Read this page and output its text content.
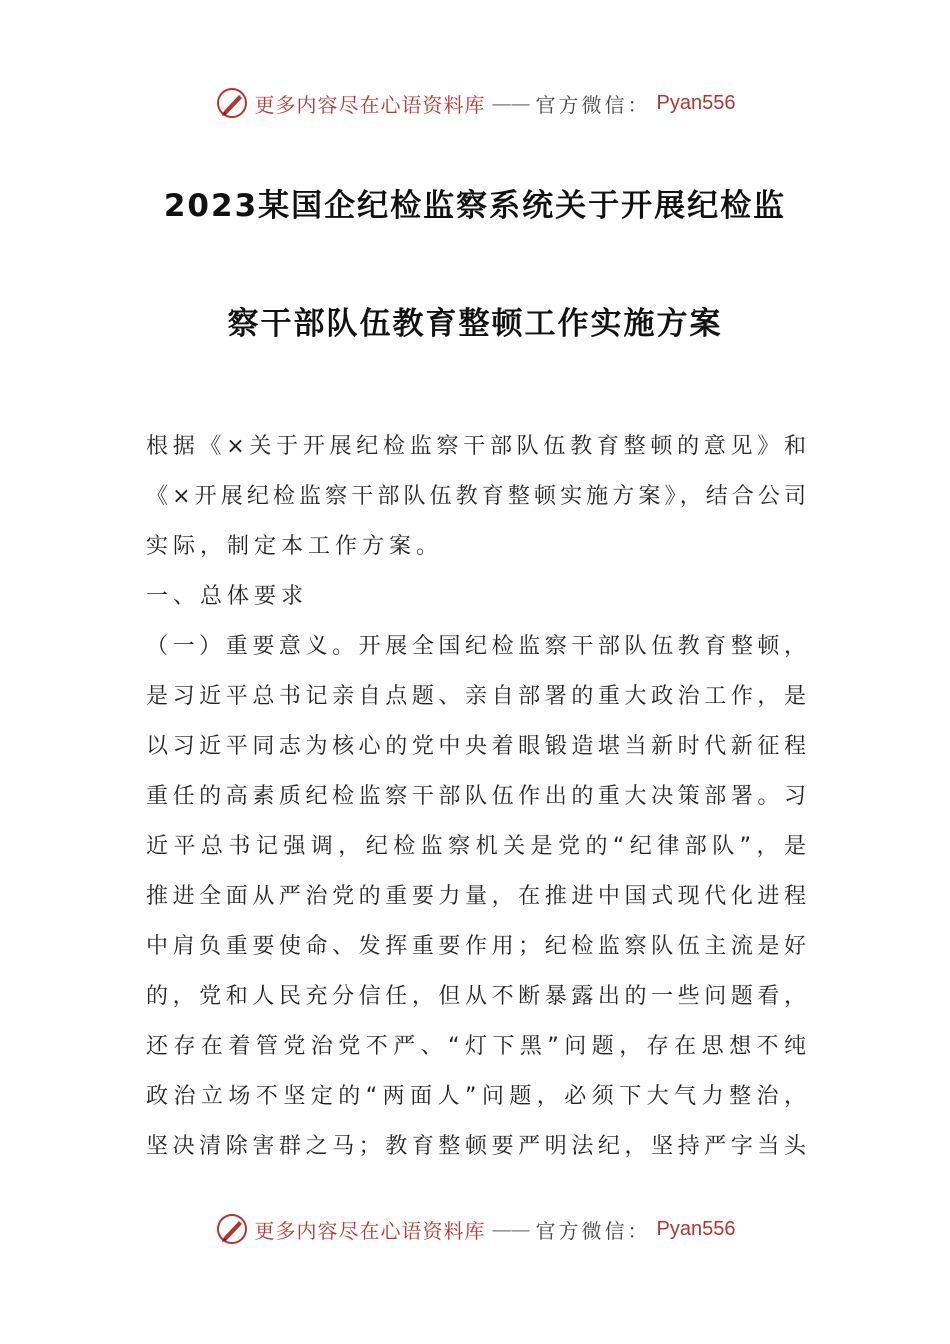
更多内容尽在心语资料库 —— 官方微信： Pyan556
2023某国企纪检监察系统关于开展纪检监
察干部队伍教育整顿工作实施方案
根据《×关于开展纪检监察干部队伍教育整顿的意见》和
《×开展纪检监察干部队伍教育整顿实施方案》，结合公司
实际，制定本工作方案。
一、总体要求
（一）重要意义。开展全国纪检监察干部队伍教育整顿，
是习近平总书记亲自点题、亲自部署的重大政治工作，是
以习近平同志为核心的党中央着眼锻造堪当新时代新征程
重任的高素质纪检监察干部队伍作出的重大决策部署。习
近平总书记强调，纪检监察机关是党的“纪律部队”，是
推进全面从严治党的重要力量，在推进中国式现代化进程
中肩负重要使命、发挥重要作用；纪检监察队伍主流是好
的，党和人民充分信任，但从不断暴露出的一些问题看，
还存在着管党治党不严、“灯下黑”问题，存在思想不纯
政治立场不坚定的“两面人”问题，必须下大气力整治，
坚决清除害群之马；教育整顿要严明法纪，坚持严字当头
更多内容尽在心语资料库 —— 官方微信： Pyan556
